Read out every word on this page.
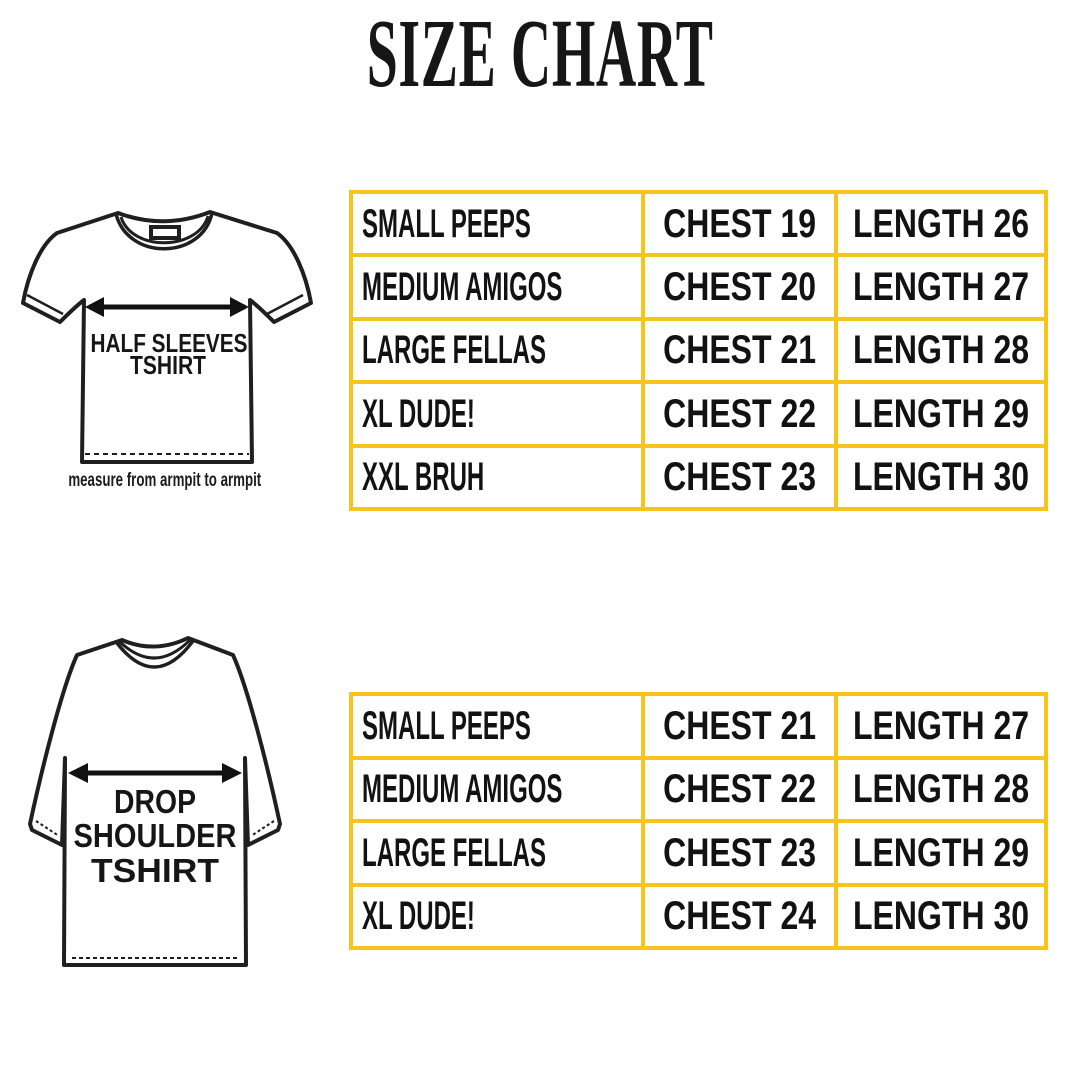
SIZE CHART
HALF SLEEVES
TSHIRT
measure from armpit to armpit
SMALL PEEPS	CHEST 19 LENGTH 26
MEDIUM AMIGOS	CHEST 20 LENGTH 27
LARGE FELLAS	CHEST 21 LENGTH 28
XL DUDE!	CHEST 22 LENGTH 29
XXL BRUH	CHEST 23 LENGTH 30
DROP
SHOULDER
TSHIRT
SMALL PEEPS	CHEST 21 LENGTH 27
MEDIUM AMIGOS	CHEST 22 LENGTH 28
LARGE FELLAS	CHEST 23 LENGTH 29
XL DUDE!	CHEST 24 LENGTH 30
